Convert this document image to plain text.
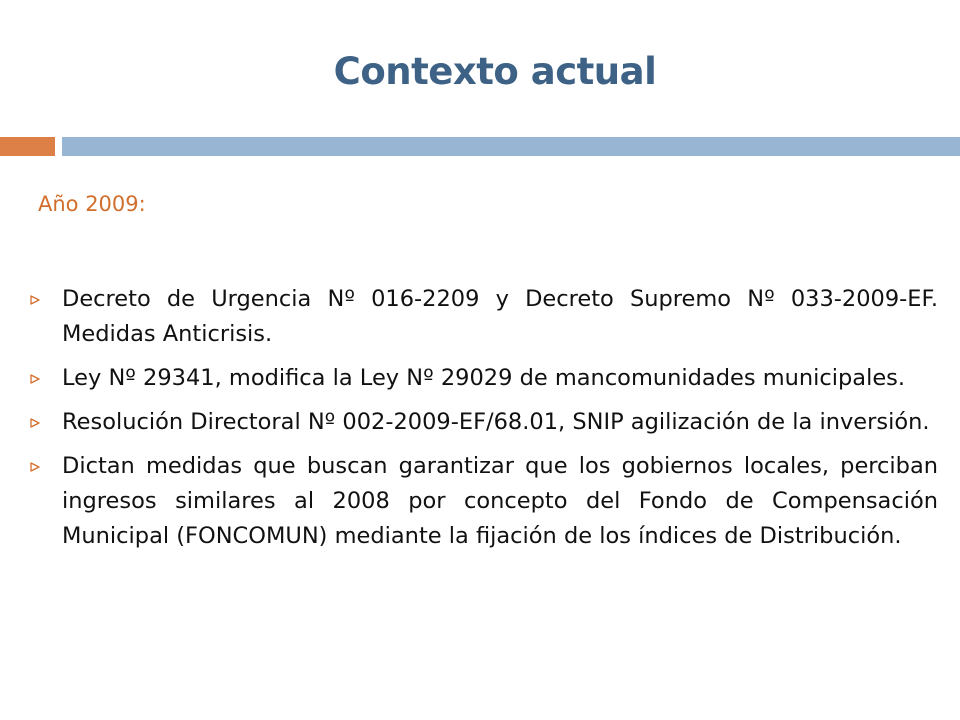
Contexto actual
Año 2009:
Decreto de Urgencia Nº 016-2209 y Decreto Supremo Nº 033-2009-EF. Medidas Anticrisis.
Ley Nº 29341, modifica la Ley Nº 29029 de mancomunidades municipales.
Resolución Directoral Nº 002-2009-EF/68.01, SNIP agilización de la inversión.
Dictan medidas que buscan garantizar que los gobiernos locales, perciban ingresos similares al 2008 por concepto del Fondo de Compensación Municipal (FONCOMUN) mediante la fijación de los índices de Distribución.
